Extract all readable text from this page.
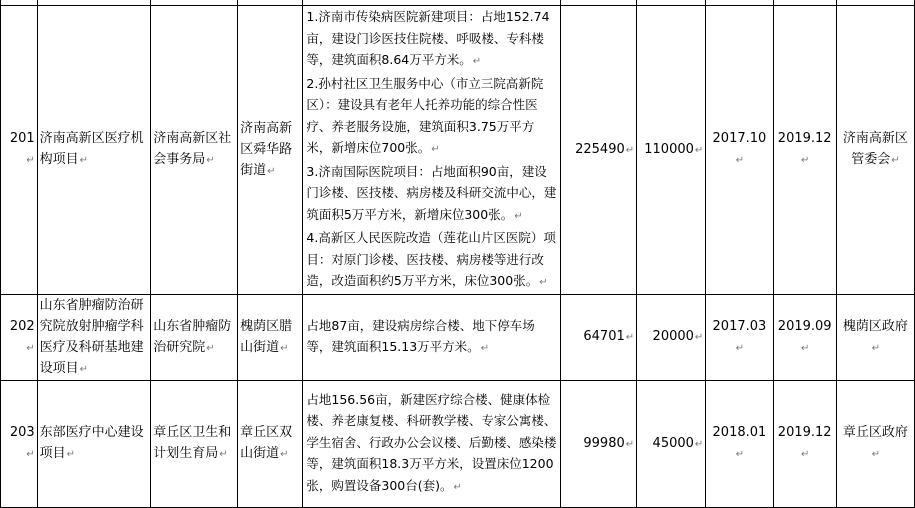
201↵	济南高新区医疗机构项目↵	济南高新区社会事务局↵	济南高新区舜华路街道↵	1.济南市传染病医院新建项目：占地152.74亩，建设门诊医技住院楼、呼吸楼、专科楼等，建筑面积8.64万平方米。↵
2.孙村社区卫生服务中心（市立三院高新院区）：建设具有老年人托养功能的综合性医疗、养老服务设施，建筑面积3.75万平方米，新增床位700张。↵
3.济南国际医院项目：占地面积90亩，建设门诊楼、医技楼、病房楼及科研交流中心，建筑面积5万平方米，新增床位300张。↵
4.高新区人民医院改造（莲花山片区医院）项目：对原门诊楼、医技楼、病房楼等进行改造，改造面积约5万平方米，床位300张。↵	225490↵	110000↵	2017.10↵	2019.12↵	济南高新区管委会↵
202↵	山东省肿瘤防治研究院放射肿瘤学科医疗及科研基地建设项目↵	山东省肿瘤防治研究院↵	槐荫区腊山街道↵	占地87亩，建设病房综合楼、地下停车场等，建筑面积15.13万平方米。↵	64701↵	20000↵	2017.03↵	2019.09↵	槐荫区政府↵
203↵	东部医疗中心建设项目↵	章丘区卫生和计划生育局↵	章丘区双山街道↵	占地156.56亩，新建医疗综合楼、健康体检楼、养老康复楼、科研教学楼、专家公寓楼、学生宿舍、行政办公会议楼、后勤楼、感染楼等，建筑面积18.3万平方米，设置床位1200张，购置设备300台(套)。↵	99980↵	45000↵	2018.01↵	2019.12↵	章丘区政府↵
